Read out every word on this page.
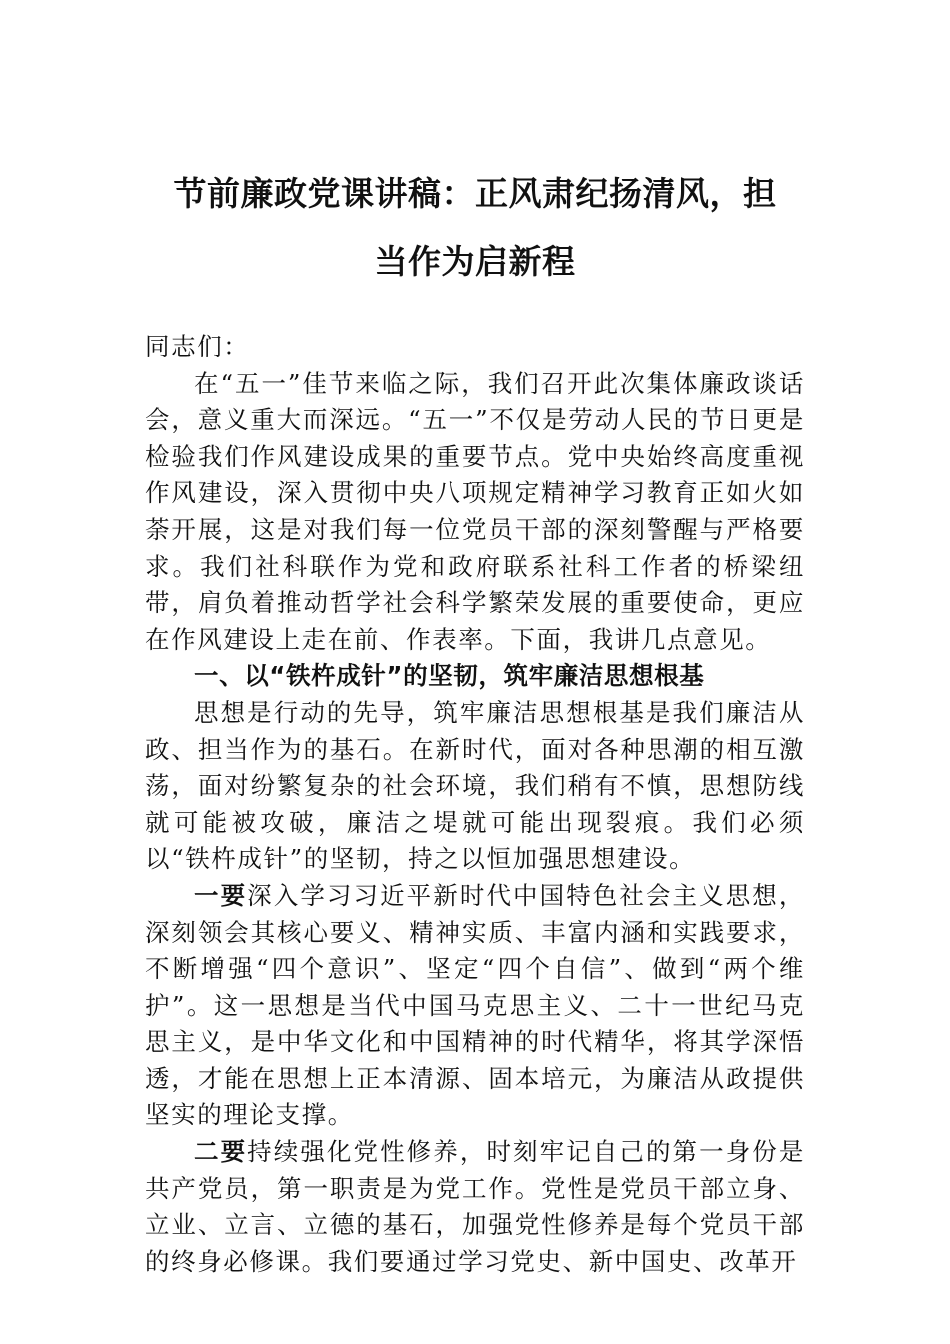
节前廉政党课讲稿：正风肃纪扬清风，担
当作为启新程

同志们：

在“五一”佳节来临之际，我们召开此次集体廉政谈话会，意义重大而深远。“五一”不仅是劳动人民的节日更是检验我们作风建设成果的重要节点。党中央始终高度重视作风建设，深入贯彻中央八项规定精神学习教育正如火如荼开展，这是对我们每一位党员干部的深刻警醒与严格要求。我们社科联作为党和政府联系社科工作者的桥梁纽带，肩负着推动哲学社会科学繁荣发展的重要使命，更应在作风建设上走在前、作表率。下面，我讲几点意见。

一、以“铁杵成针”的坚韧，筑牢廉洁思想根基

思想是行动的先导，筑牢廉洁思想根基是我们廉洁从政、担当作为的基石。在新时代，面对各种思潮的相互激荡，面对纷繁复杂的社会环境，我们稍有不慎，思想防线就可能被攻破，廉洁之堤就可能出现裂痕。我们必须以“铁杵成针”的坚韧，持之以恒加强思想建设。

一要深入学习习近平新时代中国特色社会主义思想，深刻领会其核心要义、精神实质、丰富内涵和实践要求，不断增强“四个意识”、坚定“四个自信”、做到“两个维护”。这一思想是当代中国马克思主义、二十一世纪马克思主义，是中华文化和中国精神的时代精华，将其学深悟透，才能在思想上正本清源、固本培元，为廉洁从政提供坚实的理论支撑。

二要持续强化党性修养，时刻牢记自己的第一身份是共产党员，第一职责是为党工作。党性是党员干部立身、立业、立言、立德的基石，加强党性修养是每个党员干部的终身必修课。我们要通过学习党史、新中国史、改革开
